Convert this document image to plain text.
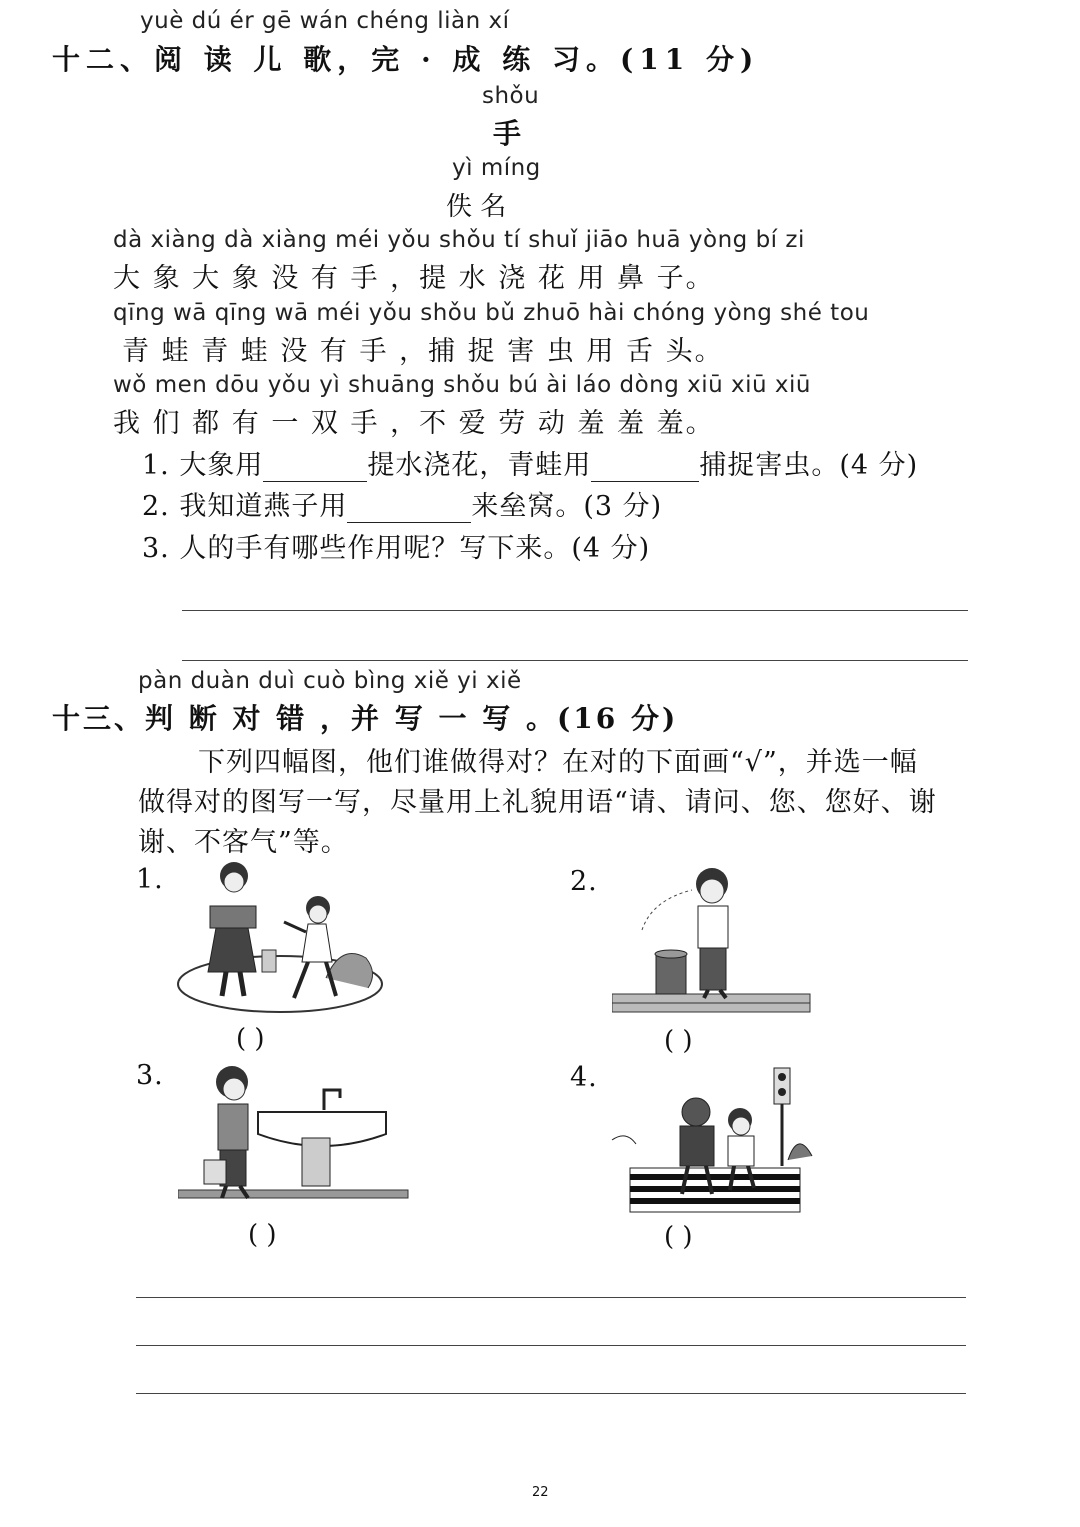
yuè dú ér gē wán chéng liàn xí
十二、阅 读 儿 歌，完 · 成 练 习。(11 分)
shǒu
手
yì míng
佚 名
dà xiàng dà xiàng méi yǒu shǒu tí shuǐ jiāo huā yòng bí zi
大 象 大 象 没 有 手 ，提 水 浇 花 用 鼻 子。
qīng wā qīng wā méi yǒu shǒu bǔ zhuō hài chóng yòng shé tou
青 蛙 青 蛙 没 有 手 ，捕 捉 害 虫 用 舌 头。
wǒ men dōu yǒu yì shuāng shǒu bú ài láo dòng xiū xiū xiū
我 们 都 有 一 双 手 ，不 爱 劳 动 羞 羞 羞。
1. 大象用	提水浇花，青蛙用	捕捉害虫。(4 分)
2. 我知道燕子用	来垒窝。(3 分)
3. 人的手有哪些作用呢？写下来。(4 分)
pàn duàn duì cuò bìng xiě yi xiě
十三、判 断 对 错 ，并 写 一 写 。(16 分)
下列四幅图，他们谁做得对？在对的下面画“√”，并选一幅
做得对的图写一写，尽量用上礼貌用语“请、请问、您、您好、谢
谢、不客气”等。
1.
( )
2.
( )
3.
( )
4.
( )
22
